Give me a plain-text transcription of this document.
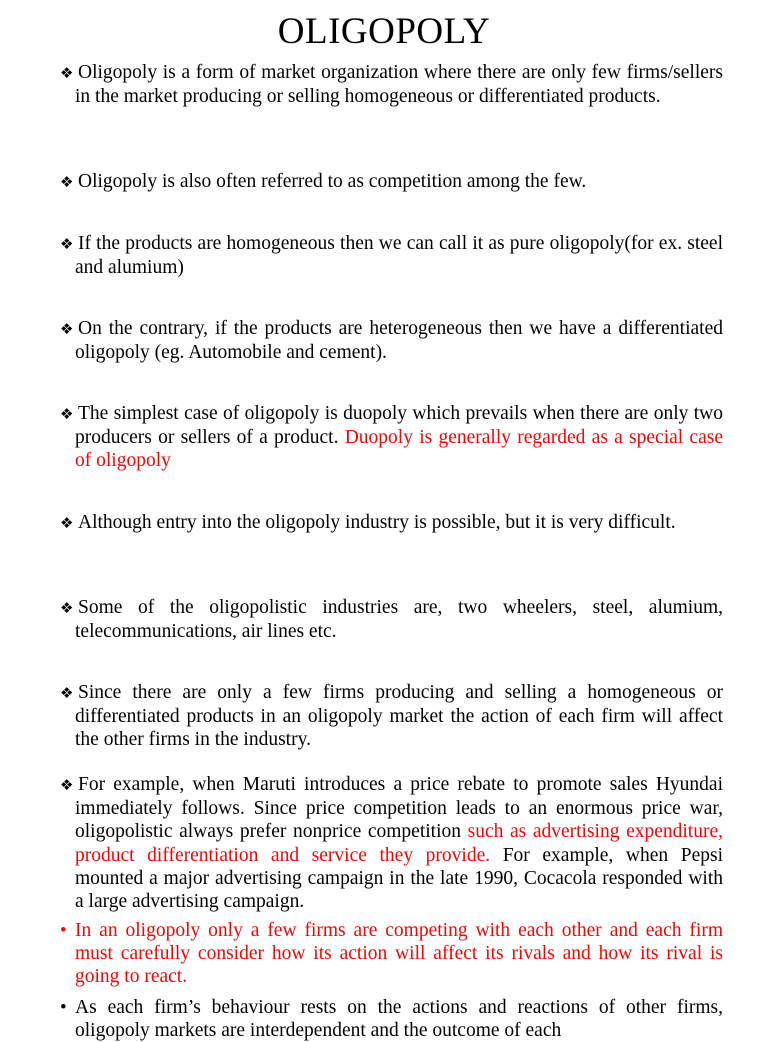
OLIGOPOLY
❖ Oligopoly is a form of market organization where there are only few firms/sellers in the market producing or selling homogeneous or differentiated products.
❖ Oligopoly is also often referred to as competition among the few.
❖ If the products are homogeneous then we can call it as pure oligopoly(for ex. steel and alumium)
❖ On the contrary, if the products are heterogeneous then we have a differentiated oligopoly (eg. Automobile and cement).
❖ The simplest case of oligopoly is duopoly which prevails when there are only two producers or sellers of a product. Duopoly is generally regarded as a special case of oligopoly
❖ Although entry into the oligopoly industry is possible, but it is very difficult.
❖ Some of the oligopolistic industries are, two wheelers, steel, alumium, telecommunications, air lines etc.
❖ Since there are only a few firms producing and selling a homogeneous or differentiated products in an oligopoly market the action of each firm will affect the other firms in the industry.
❖ For example, when Maruti introduces a price rebate to promote sales Hyundai immediately follows. Since price competition leads to an enormous price war, oligopolistic always prefer nonprice competition such as advertising expenditure, product differentiation and service they provide. For example, when Pepsi mounted a major advertising campaign in the late 1990, Cocacola responded with a large advertising campaign.
• In an oligopoly only a few firms are competing with each other and each firm must carefully consider how its action will affect its rivals and how its rival is going to react.
• As each firm’s behaviour rests on the actions and reactions of other firms, oligopoly markets are interdependent and the outcome of each
